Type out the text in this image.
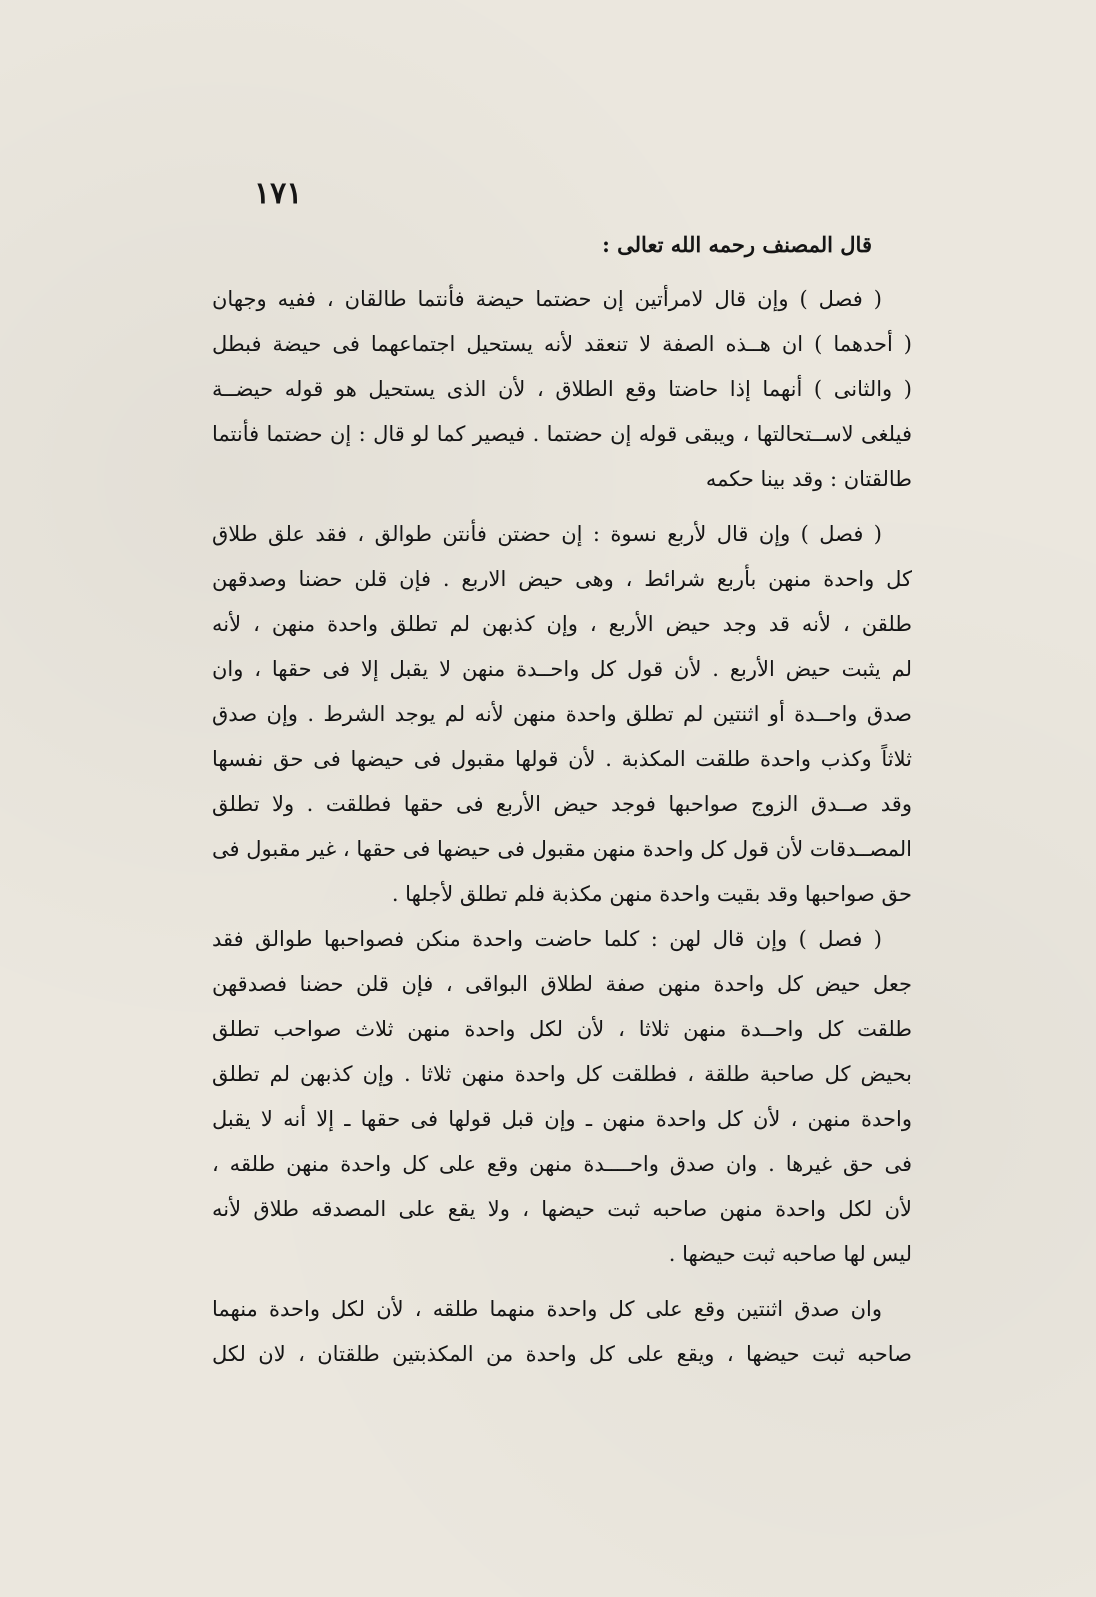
١٧١
قال المصنف رحمه الله تعالى :
( فصل ) وإن قال لامرأتين إن حضتما حيضة فأنتما طالقان ، ففيه وجهان
( أحدهما ) ان هــذه الصفة لا تنعقد لأنه يستحيل اجتماعهما فى حيضة فبطل
( والثانى ) أنهما إذا حاضتا وقع الطلاق ، لأن الذى يستحيل هو قوله حيضــة
فيلغى لاســتحالتها ، ويبقى قوله إن حضتما . فيصير كما لو قال : إن حضتما فأنتما
طالقتان : وقد بينا حكمه
( فصل ) وإن قال لأربع نسوة : إن حضتن فأنتن طوالق ، فقد علق طلاق
كل واحدة منهن بأربع شرائط ، وهى حيض الاربع . فإن قلن حضنا وصدقهن
طلقن ، لأنه قد وجد حيض الأربع ، وإن كذبهن لم تطلق واحدة منهن ، لأنه
لم يثبت حيض الأربع . لأن قول كل واحــدة منهن لا يقبل إلا فى حقها ، وان
صدق واحــدة أو اثنتين لم تطلق واحدة منهن لأنه لم يوجد الشرط . وإن صدق
ثلاثاً وكذب واحدة طلقت المكذبة . لأن قولها مقبول فى حيضها فى حق نفسها
وقد صــدق الزوج صواحبها فوجد حيض الأربع فى حقها فطلقت . ولا تطلق
المصــدقات لأن قول كل واحدة منهن مقبول فى حيضها فى حقها ، غير مقبول فى
حق صواحبها وقد بقيت واحدة منهن مكذبة فلم تطلق لأجلها .
( فصل ) وإن قال لهن : كلما حاضت واحدة منكن فصواحبها طوالق فقد
جعل حيض كل واحدة منهن صفة لطلاق البواقى ، فإن قلن حضنا فصدقهن
طلقت كل واحــدة منهن ثلاثا ، لأن لكل واحدة منهن ثلاث صواحب تطلق
بحيض كل صاحبة طلقة ، فطلقت كل واحدة منهن ثلاثا . وإن كذبهن لم تطلق
واحدة منهن ، لأن كل واحدة منهن ـ وإن قبل قولها فى حقها ـ إلا أنه لا يقبل
فى حق غيرها . وان صدق واحــــدة منهن وقع على كل واحدة منهن طلقه ،
لأن لكل واحدة منهن صاحبه ثبت حيضها ، ولا يقع على المصدقه طلاق لأنه
ليس لها صاحبه ثبت حيضها .
وان صدق اثنتين وقع على كل واحدة منهما طلقه ، لأن لكل واحدة منهما
صاحبه ثبت حيضها ، ويقع على كل واحدة من المكذبتين طلقتان ، لان لكل
